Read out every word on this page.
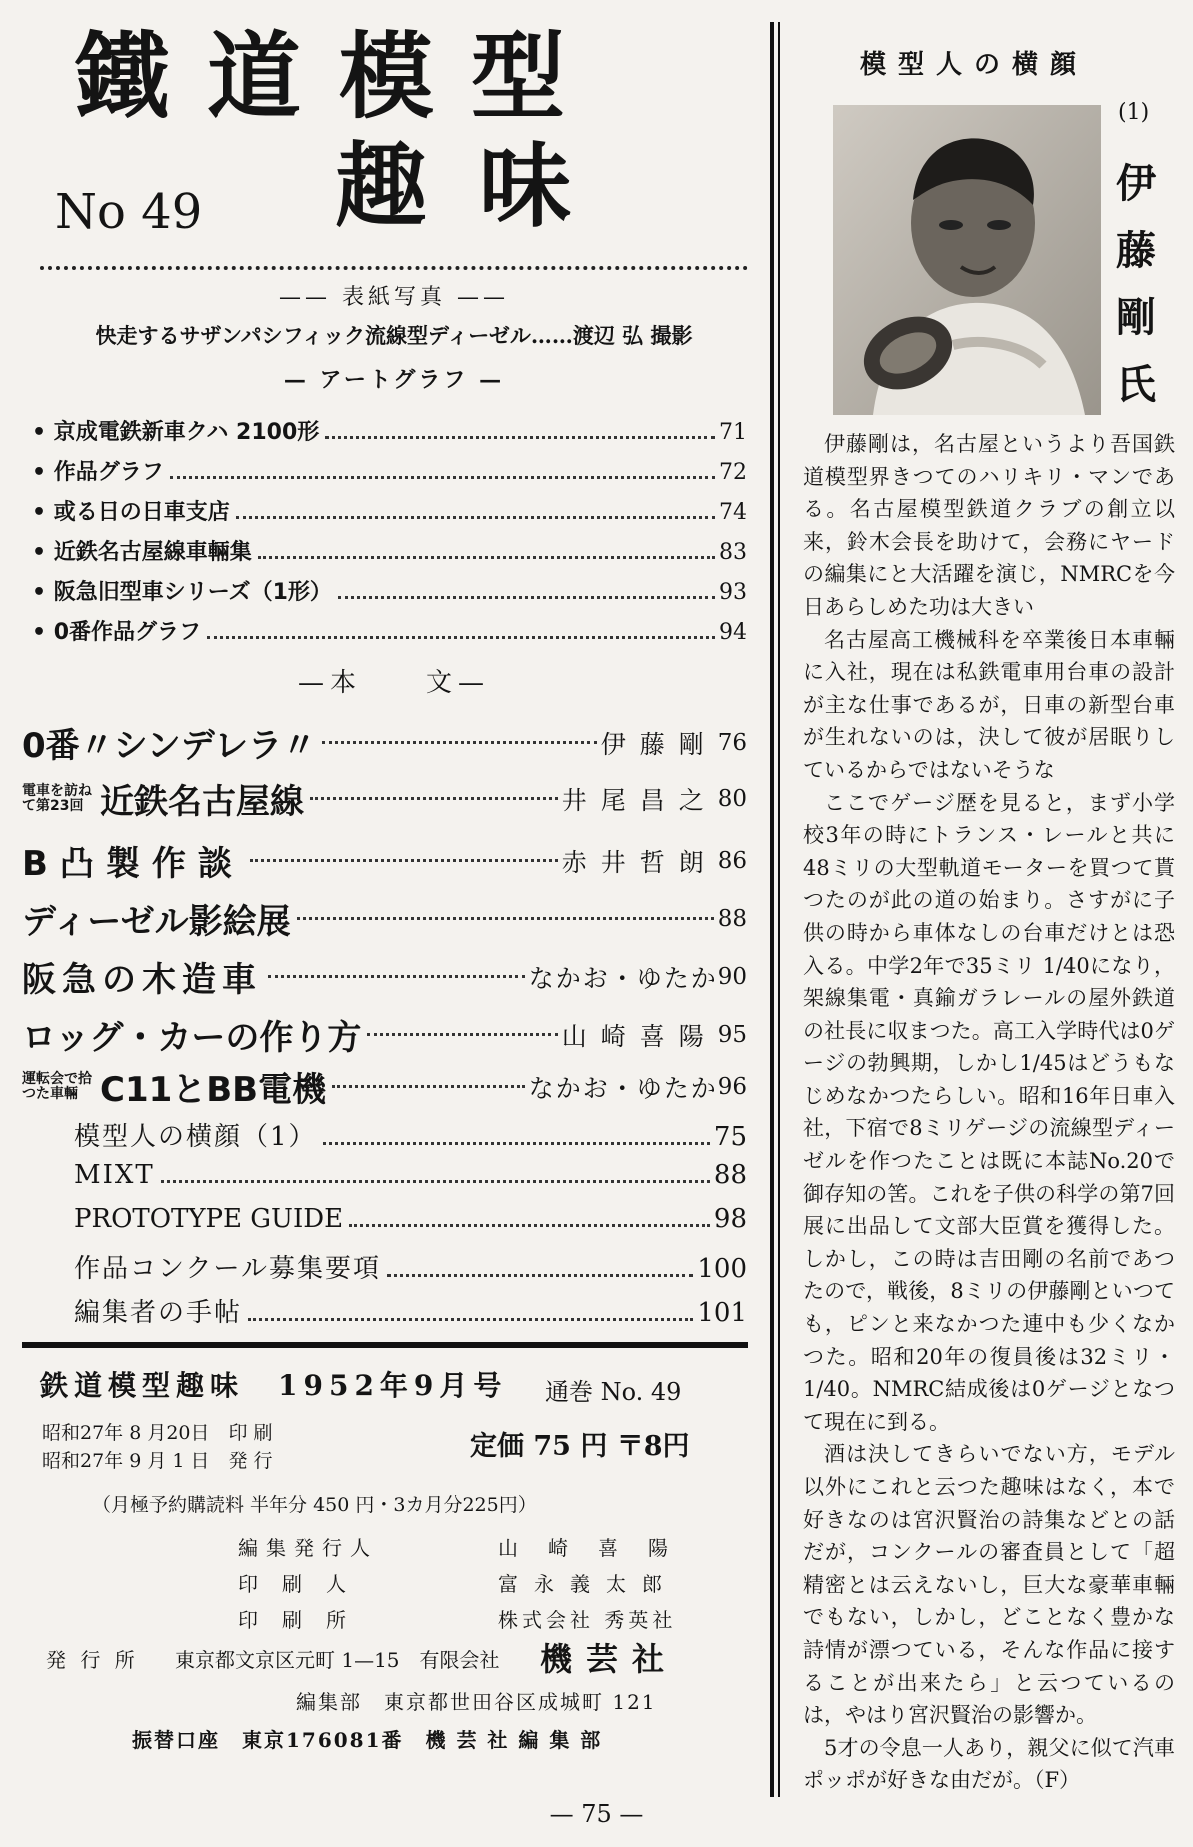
鐵道模型
趣味
No 49
—— 表紙写真 ——
快走するサザンパシフィック流線型ディーゼル……渡辺 弘 撮影
— アートグラフ —
• 京成電鉄新車クハ 2100形	71
• 作品グラフ	72
• 或る日の日車支店	74
• 近鉄名古屋線車輛集	83
• 阪急旧型車シリーズ（1形）	93
• 0番作品グラフ	94
—本　　文—
0番〃シンデレラ〃	伊藤剛 76
電車を訪ね
て第23回 近鉄名古屋線	井尾昌之 80
B凸製作談	赤井哲朗 86
ディーゼル影絵展	88
阪急の木造車	なかお・ゆたか 90
ロッグ・カーの作り方	山崎喜陽 95
運転会で拾
つた車輛 C11とBB電機	なかお・ゆたか 96
模型人の横顔（1）	75
MIXT	88
PROTOTYPE GUIDE	98
作品コンクール募集要項	100
編集者の手帖	101
鉄道模型趣味　1952年9月号 通巻 No. 49
昭和27年 8 月20日　印 刷
昭和27年 9 月 1 日　発 行	定価 75 円 〒8円
（月極予約購読料 半年分 450 円・3カ月分225円）
編集発行人	山崎喜陽
印刷人	富永義太郎
印刷所	株式会社 秀英社
発 行 所 東京都文京区元町 1—15　有限会社 機芸社
編集部　東京都世田谷区成城町 121
振替口座　東京176081番　機 芸 社 編 集 部
模型人の横顔
(1)
伊藤剛氏

伊藤剛は，名古屋というより吾国鉄道模型界きつてのハリキリ・マンである。名古屋模型鉄道クラブの創立以来，鈴木会長を助けて，会務にヤードの編集にと大活躍を演じ，NMRCを今日あらしめた功は大きい

名古屋高工機械科を卒業後日本車輛に入社，現在は私鉄電車用台車の設計が主な仕事であるが，日車の新型台車が生れないのは，決して彼が居眠りしているからではないそうな

ここでゲージ歴を見ると，まず小学校3年の時にトランス・レールと共に48ミリの大型軌道モーターを買つて貰つたのが此の道の始まり。さすがに子供の時から車体なしの台車だけとは恐入る。中学2年で35ミリ 1/40になり，架線集電・真鍮ガラレールの屋外鉄道の社長に収まつた。高工入学時代は0ゲージの勃興期，しかし1/45はどうもなじめなかつたらしい。昭和16年日車入社，下宿で8ミリゲージの流線型ディーゼルを作つたことは既に本誌No.20で御存知の筈。これを子供の科学の第7回展に出品して文部大臣賞を獲得した。しかし，この時は吉田剛の名前であつたので，戦後，8ミリの伊藤剛といつても，ピンと来なかつた連中も少くなかつた。昭和20年の復員後は32ミリ・1/40。NMRC結成後は0ゲージとなつて現在に到る。

酒は決してきらいでない方，モデル以外にこれと云つた趣味はなく，本で好きなのは宮沢賢治の詩集などとの話だが，コンクールの審査員として「超精密とは云えないし，巨大な豪華車輛でもない，しかし，どことなく豊かな詩情が漂つている，そんな作品に接することが出来たら」と云つているのは，やはり宮沢賢治の影響か。

5才の令息一人あり，親父に似て汽車ポッポが好きな由だが。（F）

— 75 —
